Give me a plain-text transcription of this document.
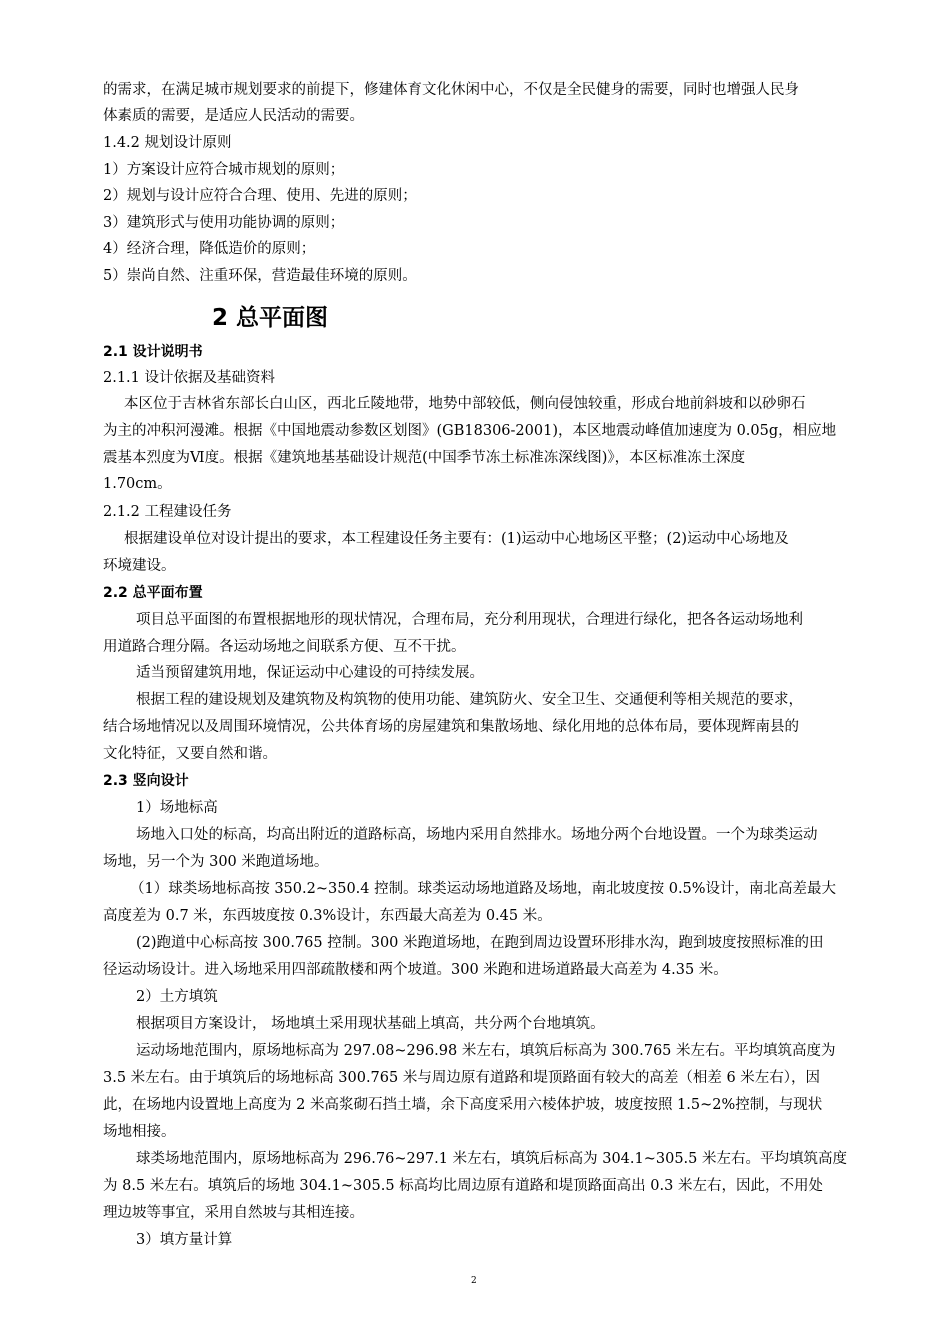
的需求，在满足城市规划要求的前提下，修建体育文化休闲中心，不仅是全民健身的需要，同时也增强人民身
体素质的需要，是适应人民活动的需要。
1.4.2 规划设计原则
1）方案设计应符合城市规划的原则；
2）规划与设计应符合合理、使用、先进的原则；
3）建筑形式与使用功能协调的原则；
4）经济合理，降低造价的原则；
5）崇尚自然、注重环保，营造最佳环境的原则。
2 总平面图
2.1 设计说明书
2.1.1 设计依据及基础资料
本区位于吉林省东部长白山区，西北丘陵地带，地势中部较低，侧向侵蚀较重，形成台地前斜坡和以砂卵石
为主的冲积河漫滩。根据《中国地震动参数区划图》(GB18306-2001)，本区地震动峰值加速度为 0.05g，相应地
震基本烈度为Ⅵ度。根据《建筑地基基础设计规范(中国季节冻土标准冻深线图)》，本区标准冻土深度
1.70cm。
2.1.2 工程建设任务
根据建设单位对设计提出的要求，本工程建设任务主要有：(1)运动中心地场区平整；(2)运动中心场地及
环境建设。
2.2 总平面布置
项目总平面图的布置根据地形的现状情况，合理布局，充分利用现状，合理进行绿化，把各各运动场地利
用道路合理分隔。各运动场地之间联系方便、互不干扰。
适当预留建筑用地，保证运动中心建设的可持续发展。
根据工程的建设规划及建筑物及构筑物的使用功能、建筑防火、安全卫生、交通便利等相关规范的要求，
结合场地情况以及周围环境情况，公共体育场的房屋建筑和集散场地、绿化用地的总体布局，要体现辉南县的
文化特征，又要自然和谐。
2.3 竖向设计
1）场地标高
场地入口处的标高，均高出附近的道路标高，场地内采用自然排水。场地分两个台地设置。一个为球类运动
场地，另一个为 300 米跑道场地。
（1）球类场地标高按 350.2~350.4 控制。球类运动场地道路及场地，南北坡度按 0.5%设计，南北高差最大
高度差为 0.7 米，东西坡度按 0.3%设计，东西最大高差为 0.45 米。
(2)跑道中心标高按 300.765 控制。300 米跑道场地，在跑到周边设置环形排水沟，跑到坡度按照标准的田
径运动场设计。进入场地采用四部疏散楼和两个坡道。300 米跑和进场道路最大高差为 4.35 米。
2）土方填筑
根据项目方案设计， 场地填土采用现状基础上填高，共分两个台地填筑。
运动场地范围内，原场地标高为 297.08~296.98 米左右，填筑后标高为 300.765 米左右。平均填筑高度为
3.5 米左右。由于填筑后的场地标高 300.765 米与周边原有道路和堤顶路面有较大的高差（相差 6 米左右），因
此，在场地内设置地上高度为 2 米高浆砌石挡土墙，余下高度采用六棱体护坡，坡度按照 1.5~2%控制，与现状
场地相接。
球类场地范围内，原场地标高为 296.76~297.1 米左右，填筑后标高为 304.1~305.5 米左右。平均填筑高度
为 8.5 米左右。填筑后的场地 304.1~305.5 标高均比周边原有道路和堤顶路面高出 0.3 米左右，因此，不用处
理边坡等事宜，采用自然坡与其相连接。
3）填方量计算
2
